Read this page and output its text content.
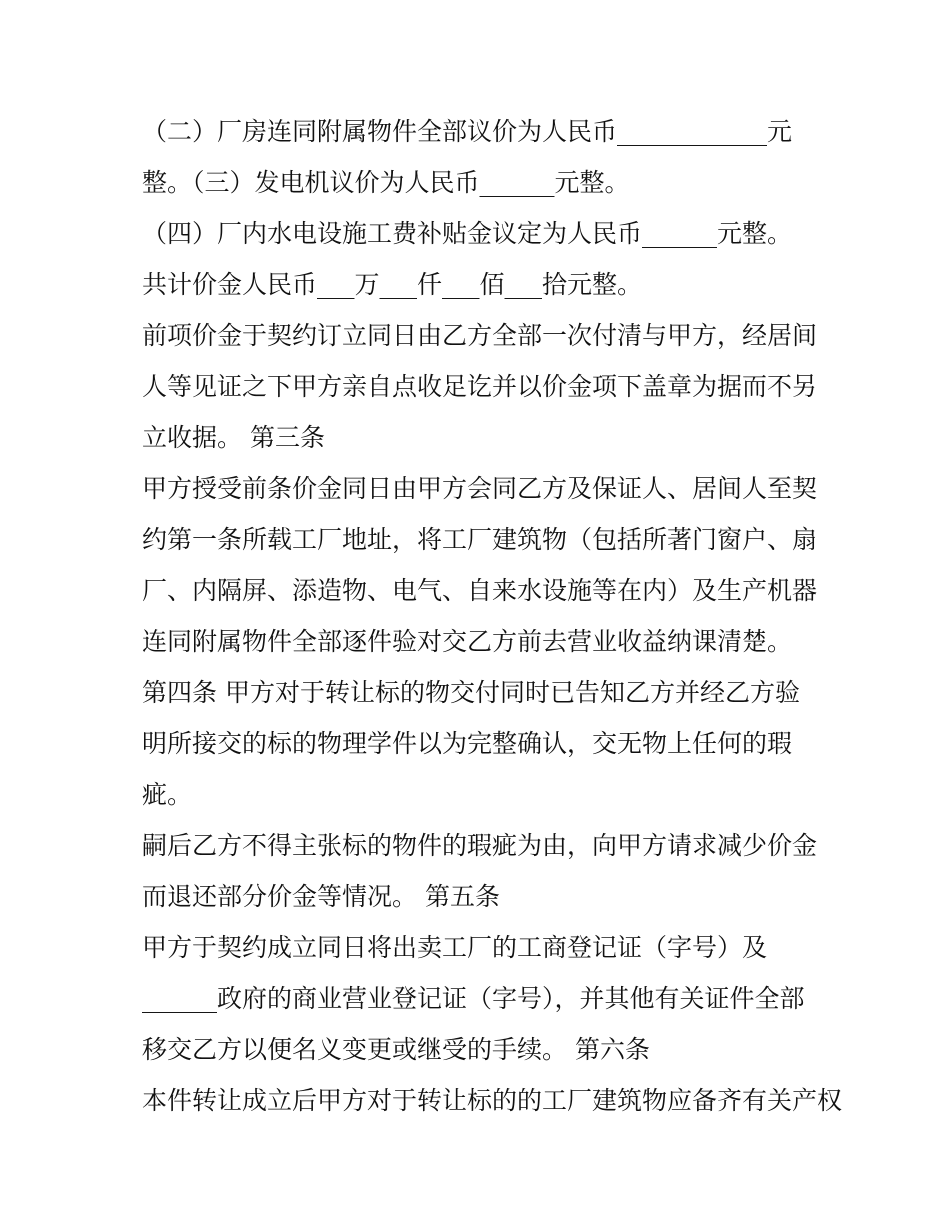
（二）厂房连同附属物件全部议价为人民币____________元
整。（三）发电机议价为人民币______元整。
（四）厂内水电设施工费补贴金议定为人民币______元整。
共计价金人民币___万___仟___佰___拾元整。
前项价金于契约订立同日由乙方全部一次付清与甲方，经居间
人等见证之下甲方亲自点收足讫并以价金项下盖章为据而不另
立收据。 第三条
甲方授受前条价金同日由甲方会同乙方及保证人、居间人至契
约第一条所载工厂地址，将工厂建筑物（包括所著门窗户、扇
厂、内隔屏、添造物、电气、自来水设施等在内）及生产机器
连同附属物件全部逐件验对交乙方前去营业收益纳课清楚。
第四条 甲方对于转让标的物交付同时已告知乙方并经乙方验
明所接交的标的物理学件以为完整确认，交无物上任何的瑕
疵。
嗣后乙方不得主张标的物件的瑕疵为由，向甲方请求减少价金
而退还部分价金等情况。 第五条
甲方于契约成立同日将出卖工厂的工商登记证（字号）及
______政府的商业营业登记证（字号），并其他有关证件全部
移交乙方以便名义变更或继受的手续。 第六条
本件转让成立后甲方对于转让标的的工厂建筑物应备齐有关产权
